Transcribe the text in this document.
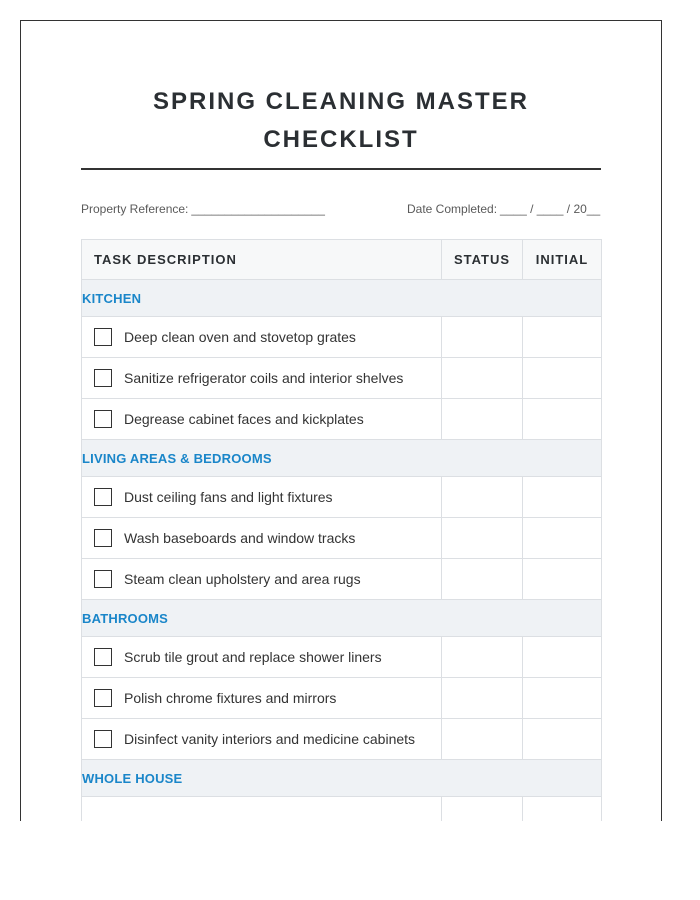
SPRING CLEANING MASTER CHECKLIST
Property Reference: ____________________	Date Completed: ____ / ____ / 20__
TASK DESCRIPTION	STATUS	INITIAL
KITCHEN		

Deep clean oven and stovetop grates		

Sanitize refrigerator coils and interior shelves		

Degrease cabinet faces and kickplates		

LIVING AREAS & BEDROOMS		

Dust ceiling fans and light fixtures		

Wash baseboards and window tracks		

Steam clean upholstery and area rugs		

BATHROOMS		

Scrub tile grout and replace shower liners		

Polish chrome fixtures and mirrors		

Disinfect vanity interiors and medicine cabinets		

WHOLE HOUSE		
